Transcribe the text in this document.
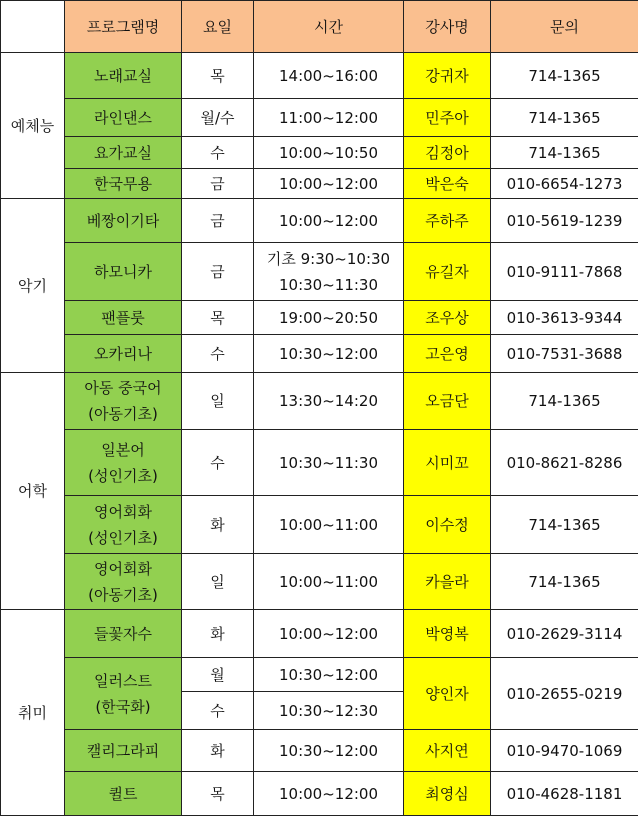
	프로그램명	요일	시간	강사명	문의
예체능	노래교실	목	14:00~16:00	강귀자	714-1365
	라인댄스	월/수	11:00~12:00	민주아	714-1365
	요가교실	수	10:00~10:50	김정아	714-1365
	한국무용	금	10:00~12:00	박은숙	010-6654-1273
악기	베짱이기타	금	10:00~12:00	주하주	010-5619-1239
	하모니카	금	기초 9:30~10:30
10:30~11:30	유길자	010-9111-7868
	팬플룻	목	19:00~20:50	조우상	010-3613-9344
	오카리나	수	10:30~12:00	고은영	010-7531-3688
어학	아동 중국어
(아동기초)	일	13:30~14:20	오금단	714-1365

	일본어
(성인기초)	수	10:30~11:30	시미꼬	010-8621-8286

	영어회화
(성인기초)	화	10:00~11:00	이수정	714-1365

	영어회화
(아동기초)	일	10:00~11:00	카을라	714-1365
취미	들꽃자수	화	10:00~12:00	박영복	010-2629-3114

	일러스트
(한국화)	월	10:30~12:00	양인자	010-2655-0219
		수	10:30~12:30		
	캘리그라피	화	10:30~12:00	사지연	010-9470-1069
	퀼트	목	10:00~12:00	최영심	010-4628-1181
